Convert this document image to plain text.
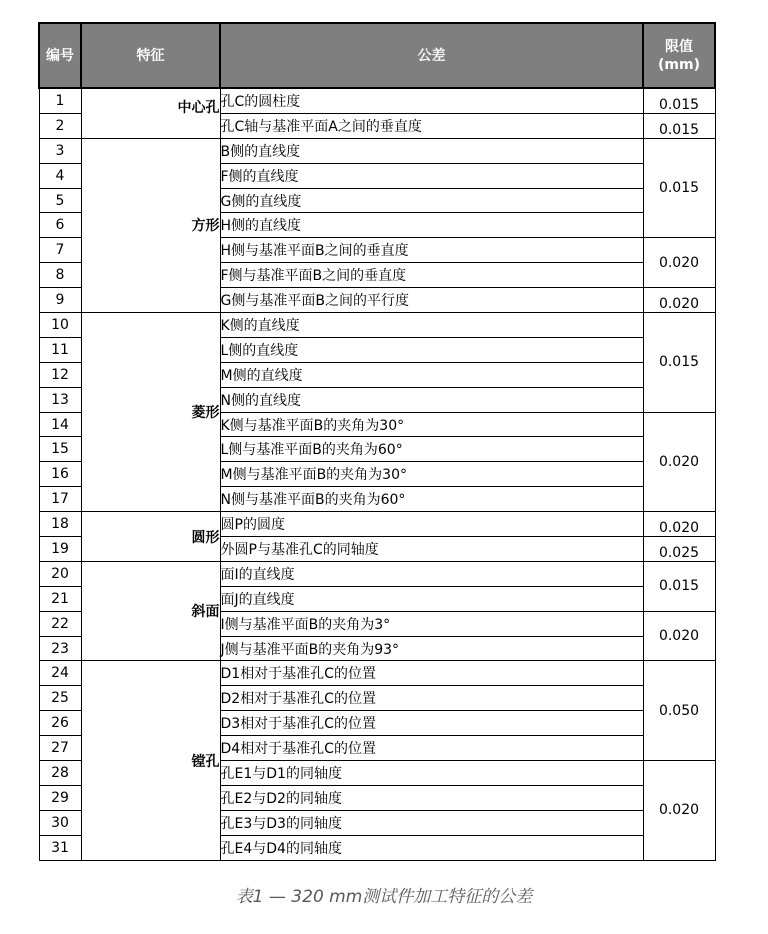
编号	特征	公差	限值
(mm)
1	中心孔	孔C的圆柱度	0.015
2		孔C轴与基准平面A之间的垂直度	0.015
3	方形	B侧的直线度	0.015
4		F侧的直线度	
5		G侧的直线度	
6		H侧的直线度	
7		H侧与基准平面B之间的垂直度	0.020
8		F侧与基准平面B之间的垂直度	
9		G侧与基准平面B之间的平行度	0.020
10	菱形	K侧的直线度	0.015
11		L侧的直线度	
12		M侧的直线度	
13		N侧的直线度	
14		K侧与基准平面B的夹角为30°	0.020
15		L侧与基准平面B的夹角为60°	
16		M侧与基准平面B的夹角为30°	
17		N侧与基准平面B的夹角为60°	
18	圆形	圆P的圆度	0.020
19		外圆P与基准孔C的同轴度	0.025
20	斜面	面I的直线度	0.015
21		面J的直线度	
22		I侧与基准平面B的夹角为3°	0.020
23		J侧与基准平面B的夹角为93°	
24	镗孔	D1相对于基准孔C的位置	0.050
25		D2相对于基准孔C的位置	
26		D3相对于基准孔C的位置	
27		D4相对于基准孔C的位置	
28		孔E1与D1的同轴度	0.020
29		孔E2与D2的同轴度	
30		孔E3与D3的同轴度	
31		孔E4与D4的同轴度	
表1 — 320 mm测试件加工特征的公差
